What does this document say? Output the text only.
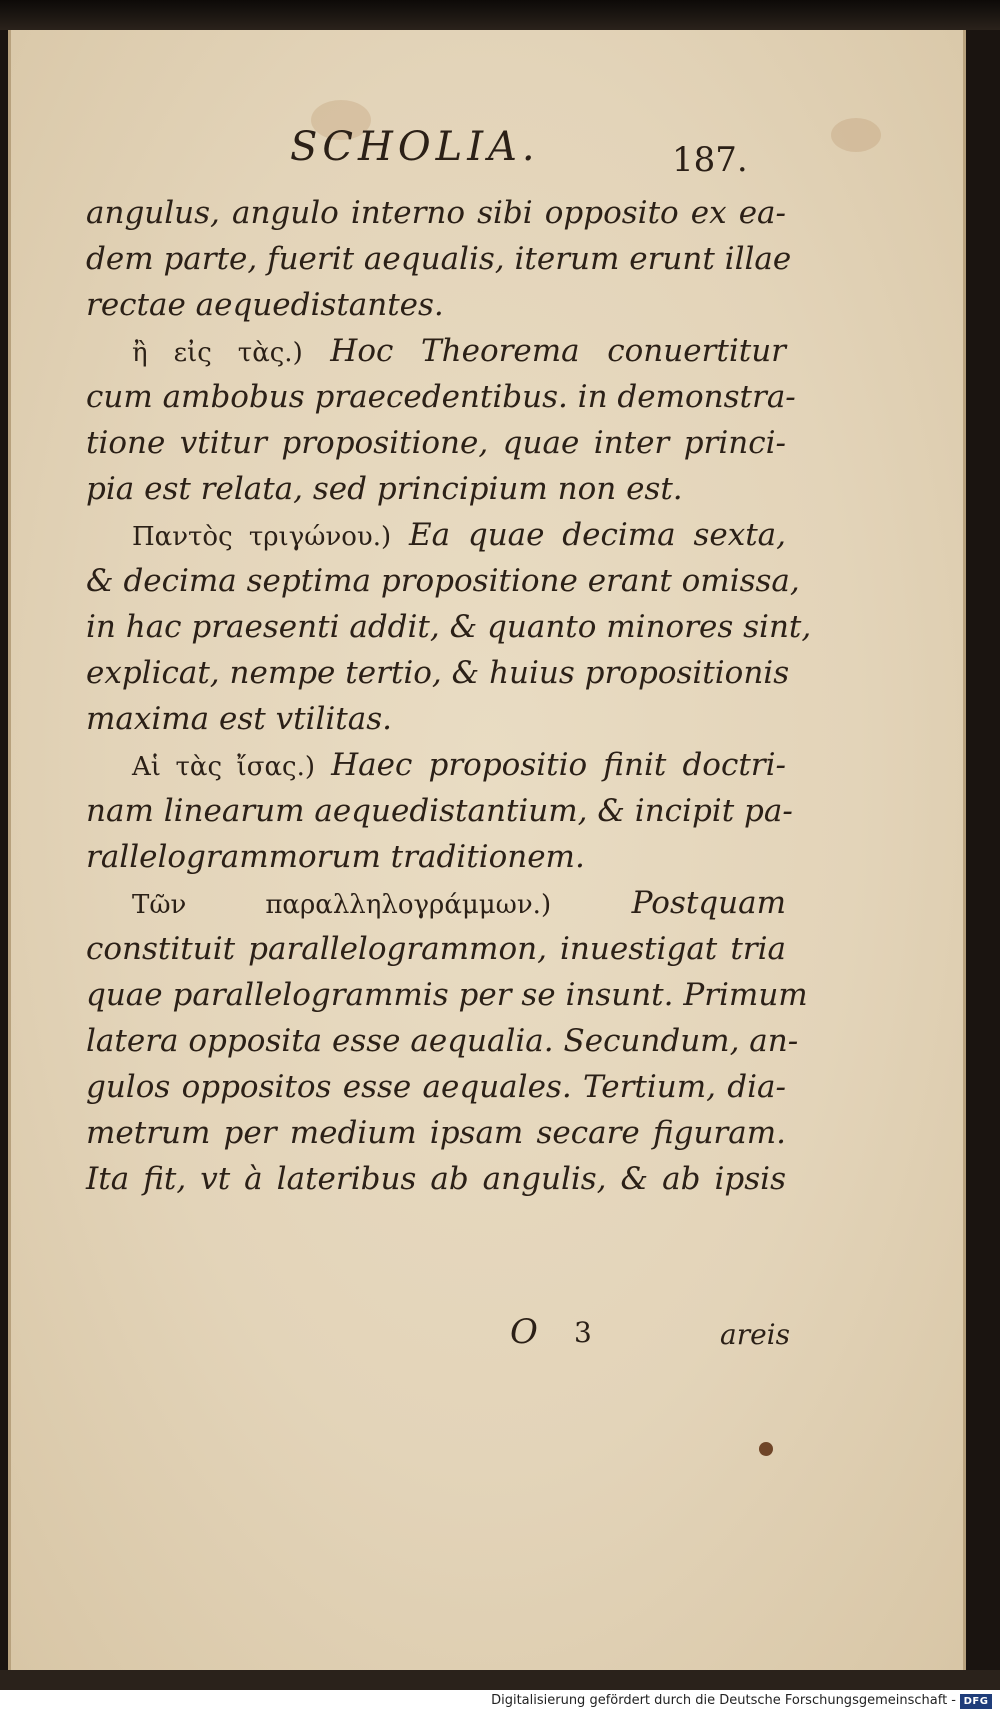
SCHOLIA.	187.
angulus, angulo interno sibi opposito ex ea-
dem parte, fuerit aequalis, iterum erunt illae
rectae aequedistantes.
ἢ εἰς τὰς.) Hoc Theorema conuertitur
cum ambobus praecedentibus. in demonstra-
tione vtitur propositione, quae inter princi-
pia est relata, sed principium non est.
Παντὸς τριγώνου.) Ea quae decima sexta,
& decima septima propositione erant omissa,
in hac praesenti addit, & quanto minores sint,
explicat, nempe tertio, & huius propositionis
maxima est vtilitas.
Αἱ τὰς ἴσας.) Haec propositio finit doctri-
nam linearum aequedistantium, & incipit pa-
rallelogrammorum traditionem.
Τῶν παραλληλογράμμων.) Postquam
constituit parallelogrammon, inuestigat tria
quae parallelogrammis per se insunt. Primum
latera opposita esse aequalia. Secundum, an-
gulos oppositos esse aequales. Tertium, dia-
metrum per medium ipsam secare figuram.
Ita fit, vt à lateribus ab angulis, & ab ipsis
O 3	areis
Digitalisierung gefördert durch die Deutsche Forschungsgemeinschaft - DFG
